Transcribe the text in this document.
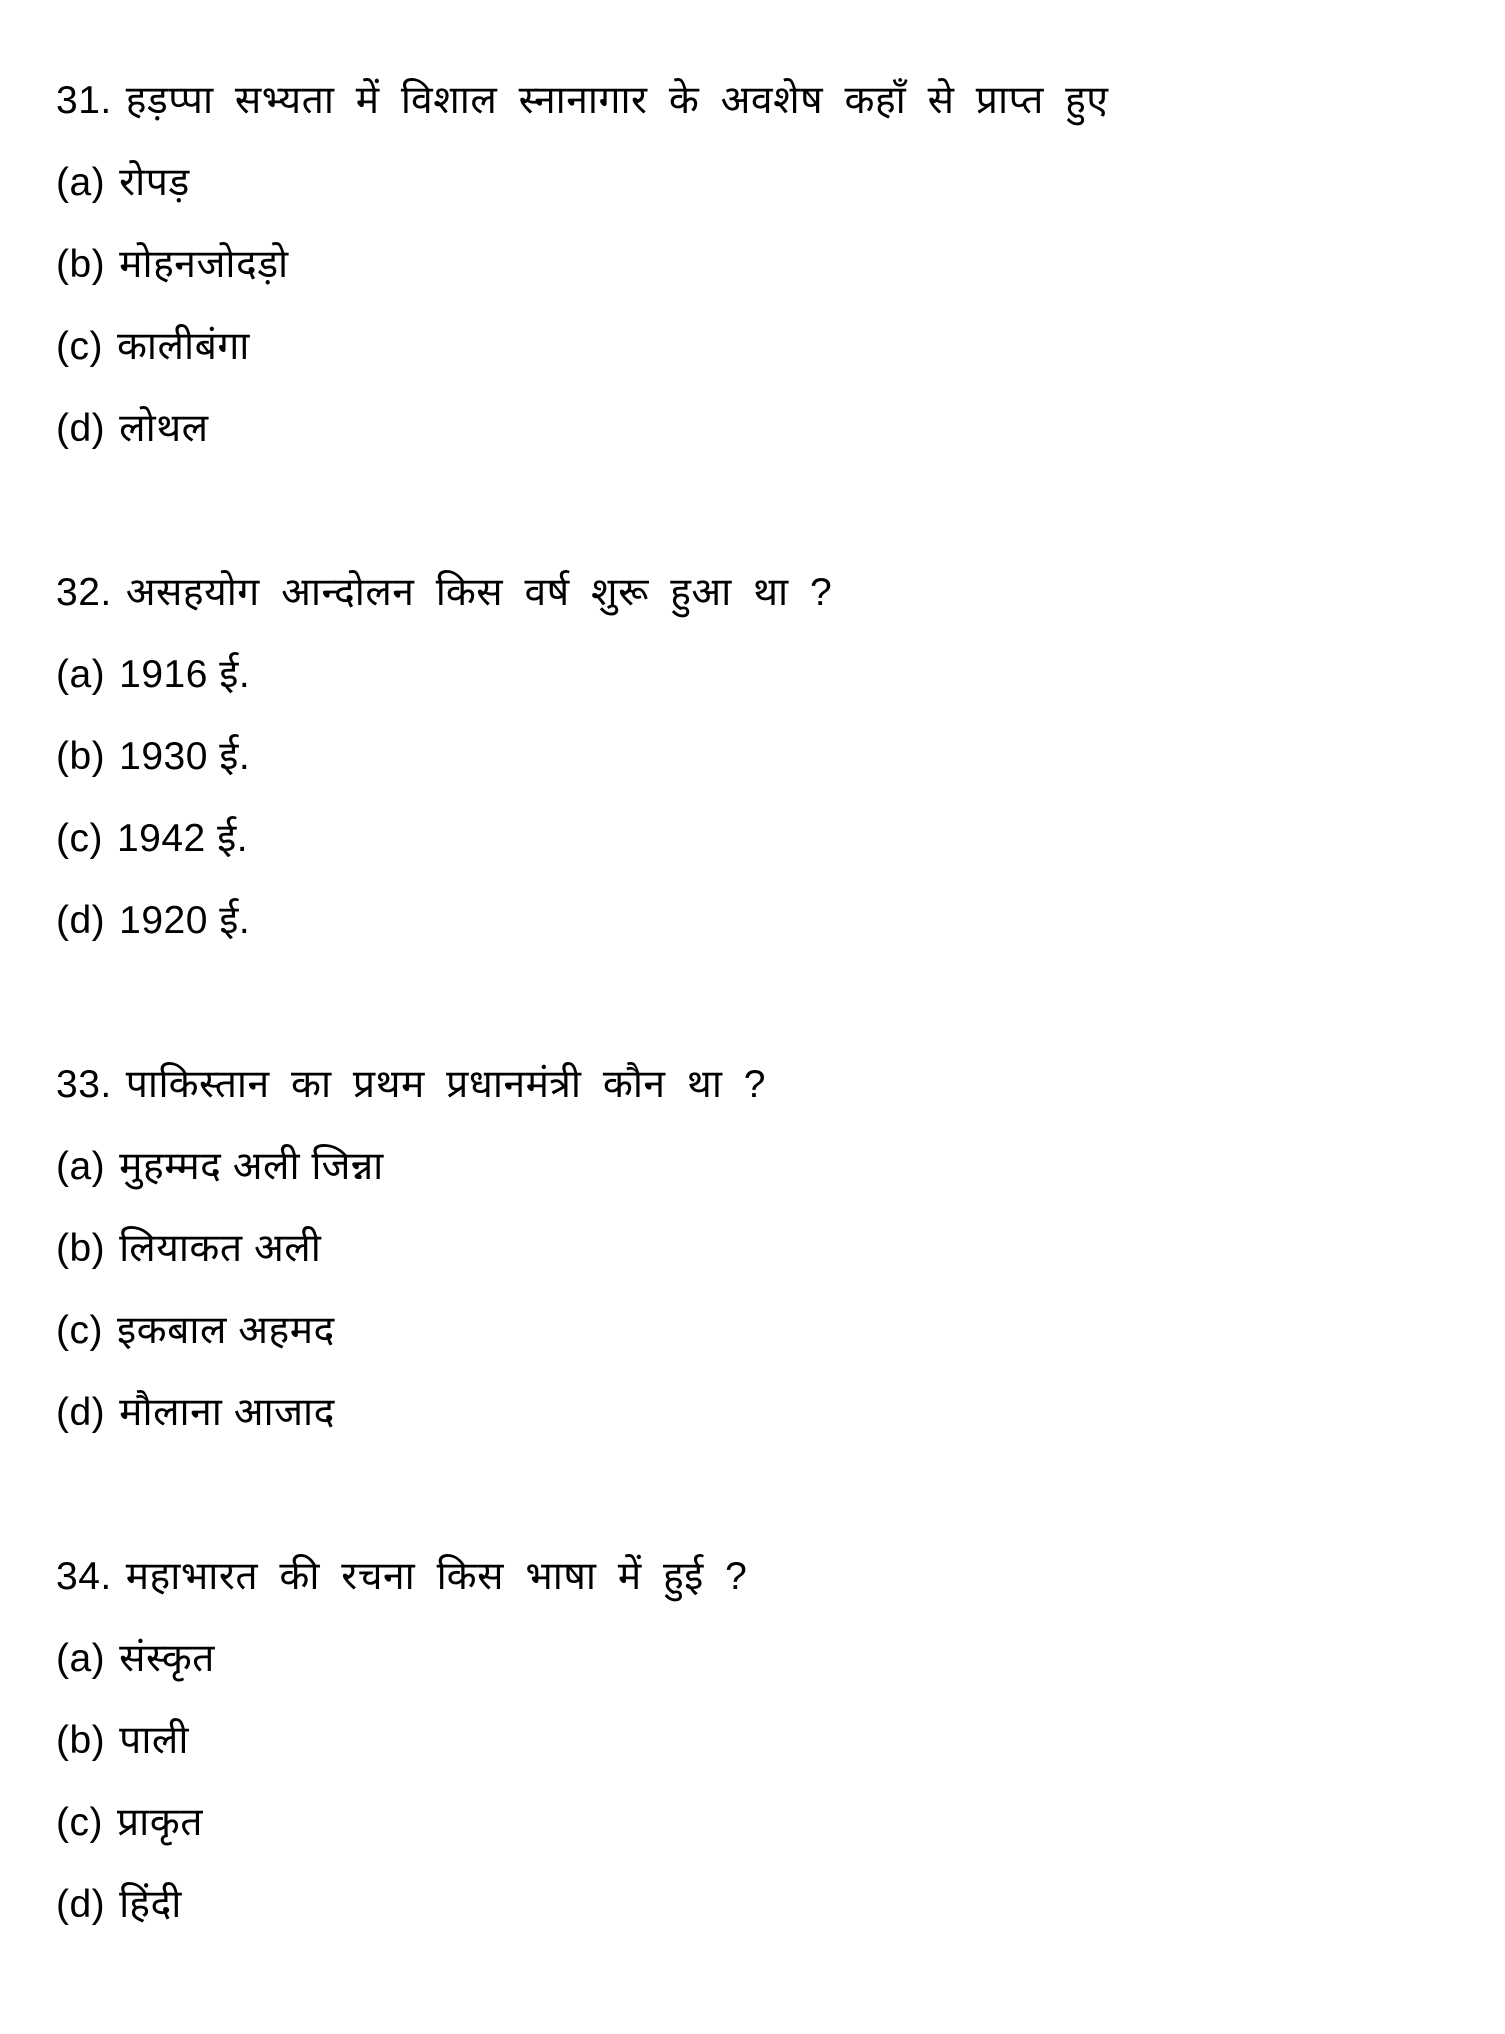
31. हड़प्पा सभ्यता में विशाल स्नानागार के अवशेष कहाँ से प्राप्त हुए
(a) रोपड़
(b) मोहनजोदड़ो
(c) कालीबंगा
(d) लोथल
32. असहयोग आन्दोलन किस वर्ष शुरू हुआ था ?
(a) 1916 ई.
(b) 1930 ई.
(c) 1942 ई.
(d) 1920 ई.
33. पाकिस्तान का प्रथम प्रधानमंत्री कौन था ?
(a) मुहम्मद अली जिन्ना
(b) लियाकत अली
(c) इकबाल अहमद
(d) मौलाना आजाद
34. महाभारत की रचना किस भाषा में हुई ?
(a) संस्कृत
(b) पाली
(c) प्राकृत
(d) हिंदी
